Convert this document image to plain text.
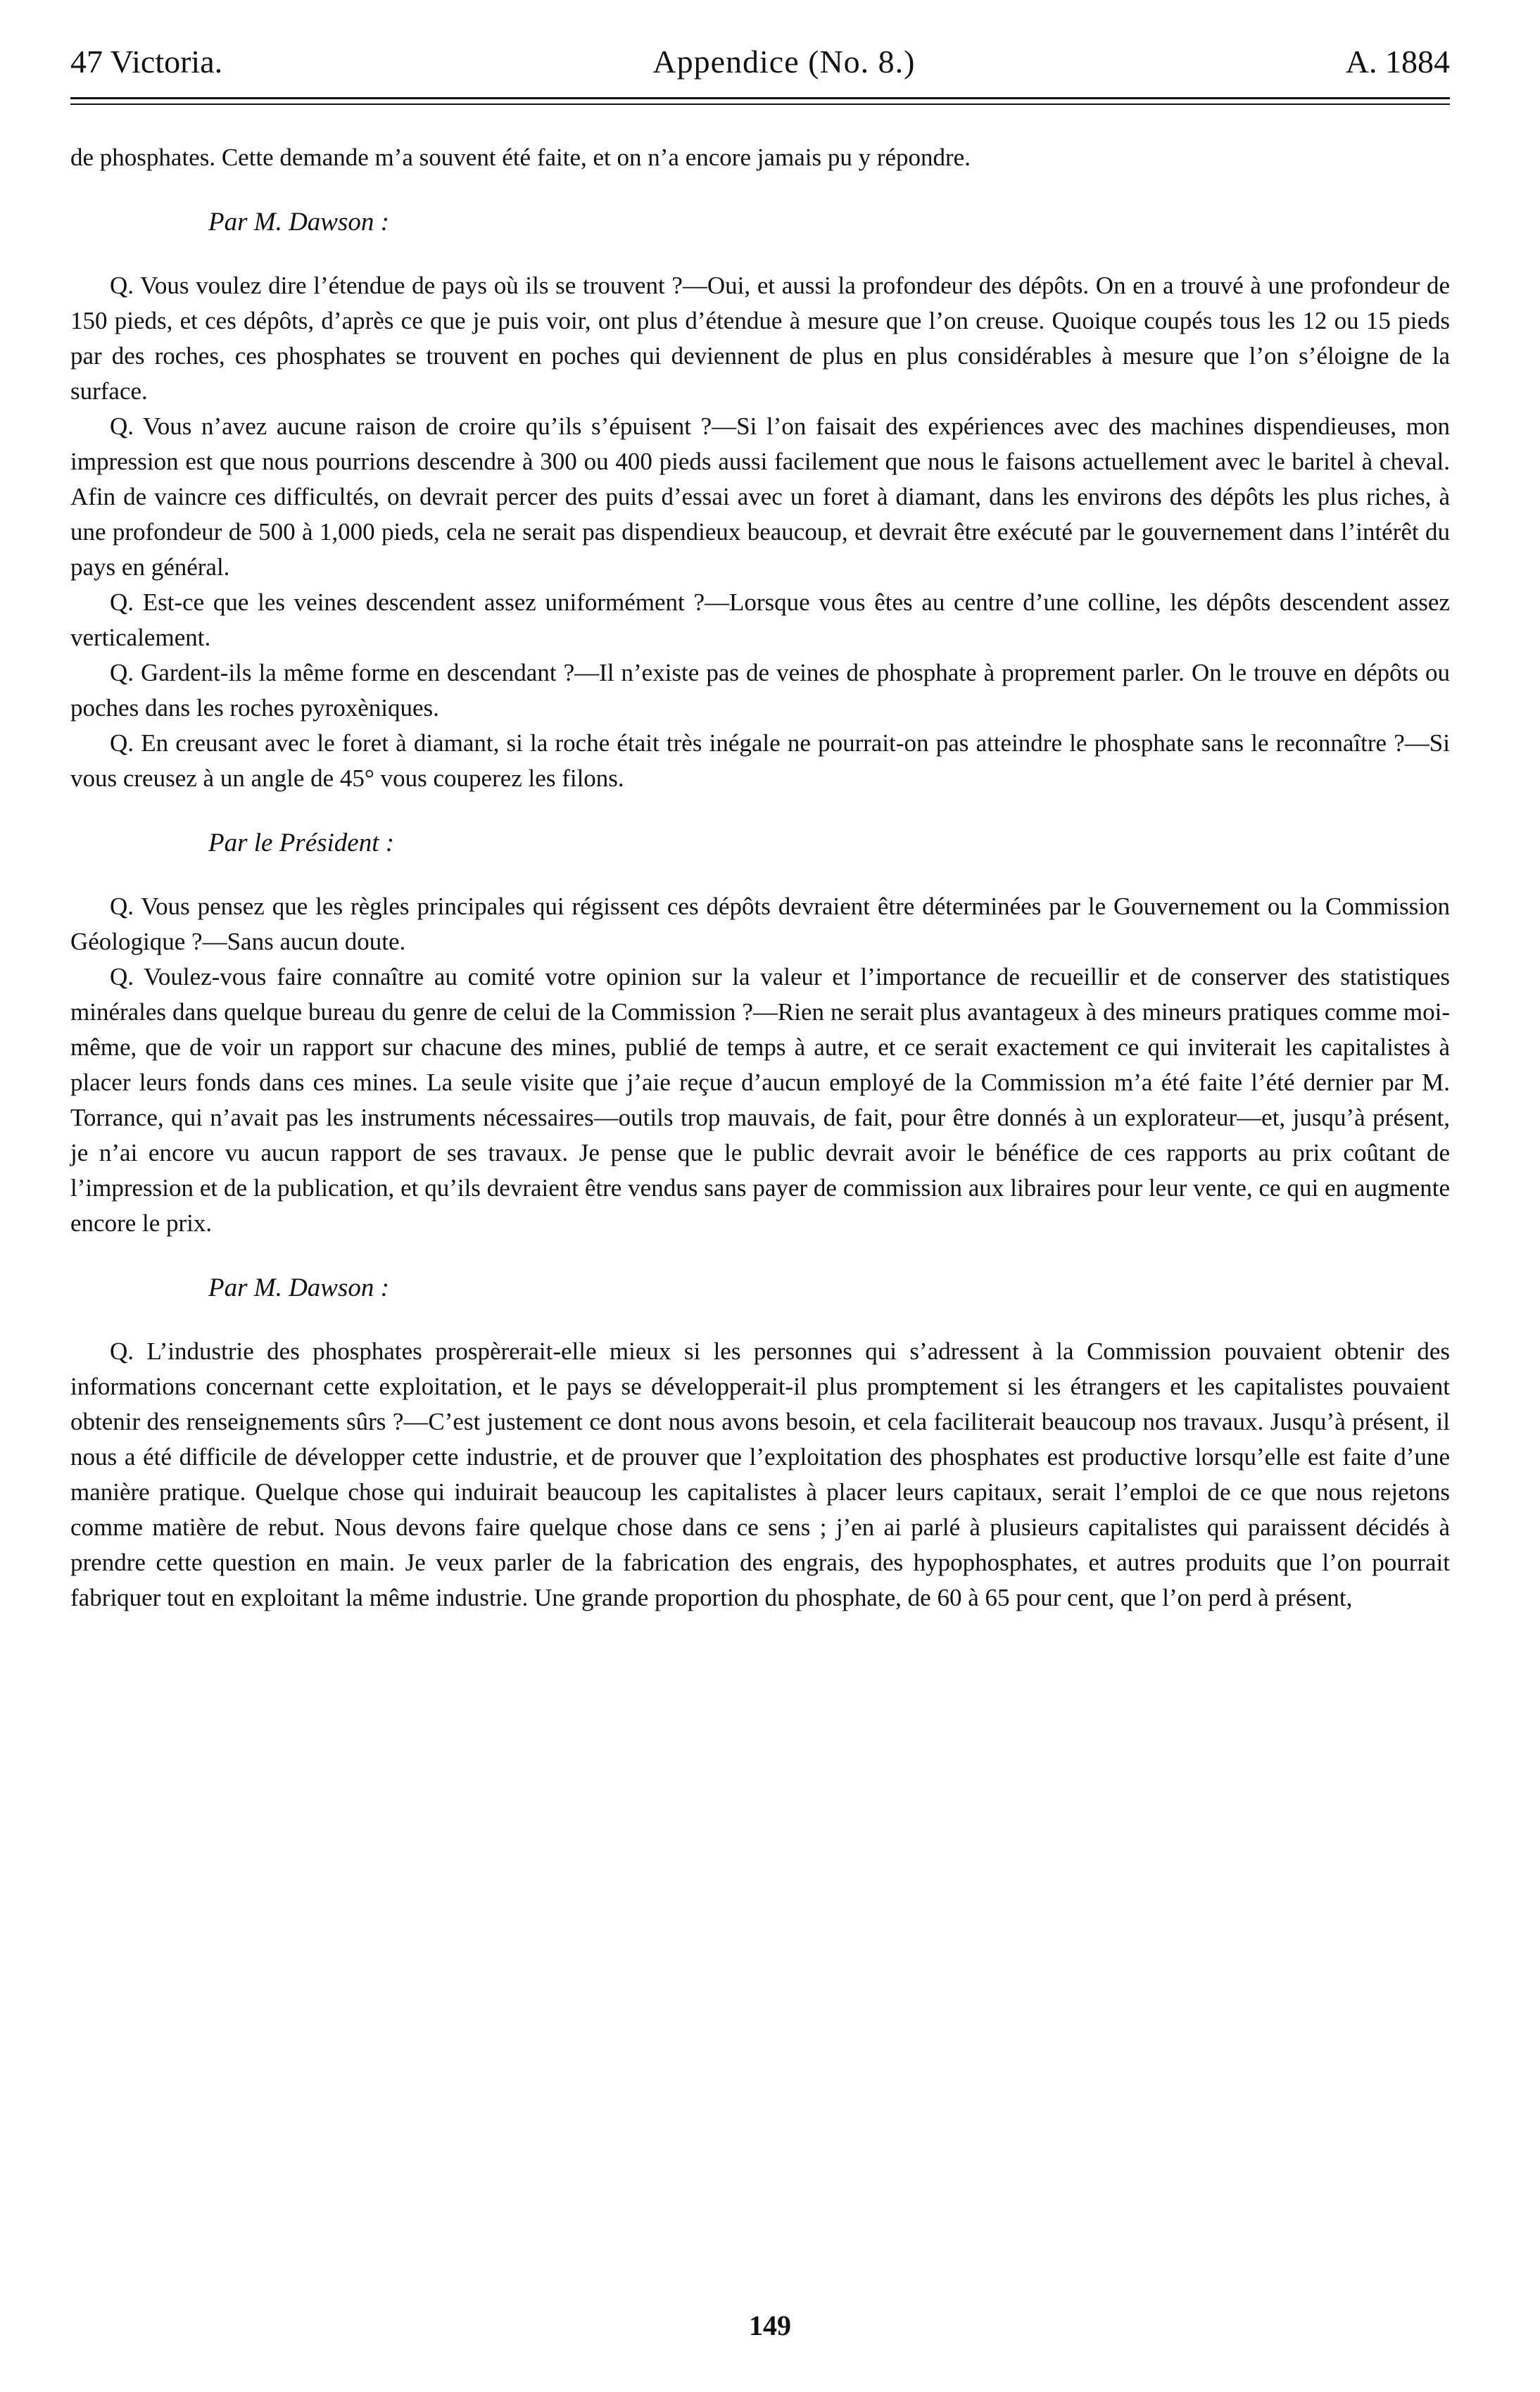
47 Victoria.	Appendice (No. 8.)	A. 1884

de phosphates. Cette demande m’a souvent été faite, et on n’a encore jamais pu y répondre.

Par M. Dawson :

Q. Vous voulez dire l’étendue de pays où ils se trouvent ?—Oui, et aussi la profondeur des dépôts. On en a trouvé à une profondeur de 150 pieds, et ces dépôts, d’après ce que je puis voir, ont plus d’étendue à mesure que l’on creuse. Quoique coupés tous les 12 ou 15 pieds par des roches, ces phosphates se trouvent en poches qui deviennent de plus en plus considérables à mesure que l’on s’éloigne de la surface.

Q. Vous n’avez aucune raison de croire qu’ils s’épuisent ?—Si l’on faisait des expériences avec des machines dispendieuses, mon impression est que nous pourrions descendre à 300 ou 400 pieds aussi facilement que nous le faisons actuellement avec le baritel à cheval. Afin de vaincre ces difficultés, on devrait percer des puits d’essai avec un foret à diamant, dans les environs des dépôts les plus riches, à une profondeur de 500 à 1,000 pieds, cela ne serait pas dispendieux beaucoup, et devrait être exécuté par le gouvernement dans l’intérêt du pays en général.

Q. Est-ce que les veines descendent assez uniformément ?—Lorsque vous êtes au centre d’une colline, les dépôts descendent assez verticalement.

Q. Gardent-ils la même forme en descendant ?—Il n’existe pas de veines de phosphate à proprement parler. On le trouve en dépôts ou poches dans les roches pyroxèniques.

Q. En creusant avec le foret à diamant, si la roche était très inégale ne pourrait-on pas atteindre le phosphate sans le reconnaître ?—Si vous creusez à un angle de 45° vous couperez les filons.

Par le Président :

Q. Vous pensez que les règles principales qui régissent ces dépôts devraient être déterminées par le Gouvernement ou la Commission Géologique ?—Sans aucun doute.

Q. Voulez-vous faire connaître au comité votre opinion sur la valeur et l’importance de recueillir et de conserver des statistiques minérales dans quelque bureau du genre de celui de la Commission ?—Rien ne serait plus avantageux à des mineurs pratiques comme moi-même, que de voir un rapport sur chacune des mines, publié de temps à autre, et ce serait exactement ce qui inviterait les capitalistes à placer leurs fonds dans ces mines. La seule visite que j’aie reçue d’aucun employé de la Commission m’a été faite l’été dernier par M. Torrance, qui n’avait pas les instruments nécessaires—outils trop mauvais, de fait, pour être donnés à un explorateur—et, jusqu’à présent, je n’ai encore vu aucun rapport de ses travaux. Je pense que le public devrait avoir le bénéfice de ces rapports au prix coûtant de l’impression et de la publication, et qu’ils devraient être vendus sans payer de commission aux libraires pour leur vente, ce qui en augmente encore le prix.

Par M. Dawson :

Q. L’industrie des phosphates prospèrerait-elle mieux si les personnes qui s’adressent à la Commission pouvaient obtenir des informations concernant cette exploitation, et le pays se développerait-il plus promptement si les étrangers et les capitalistes pouvaient obtenir des renseignements sûrs ?—C’est justement ce dont nous avons besoin, et cela faciliterait beaucoup nos travaux. Jusqu’à présent, il nous a été difficile de développer cette industrie, et de prouver que l’exploitation des phosphates est productive lorsqu’elle est faite d’une manière pratique. Quelque chose qui induirait beaucoup les capitalistes à placer leurs capitaux, serait l’emploi de ce que nous rejetons comme matière de rebut. Nous devons faire quelque chose dans ce sens ; j’en ai parlé à plusieurs capitalistes qui paraissent décidés à prendre cette question en main. Je veux parler de la fabrication des engrais, des hypophosphates, et autres produits que l’on pourrait fabriquer tout en exploitant la même industrie. Une grande proportion du phosphate, de 60 à 65 pour cent, que l’on perd à présent,

149
